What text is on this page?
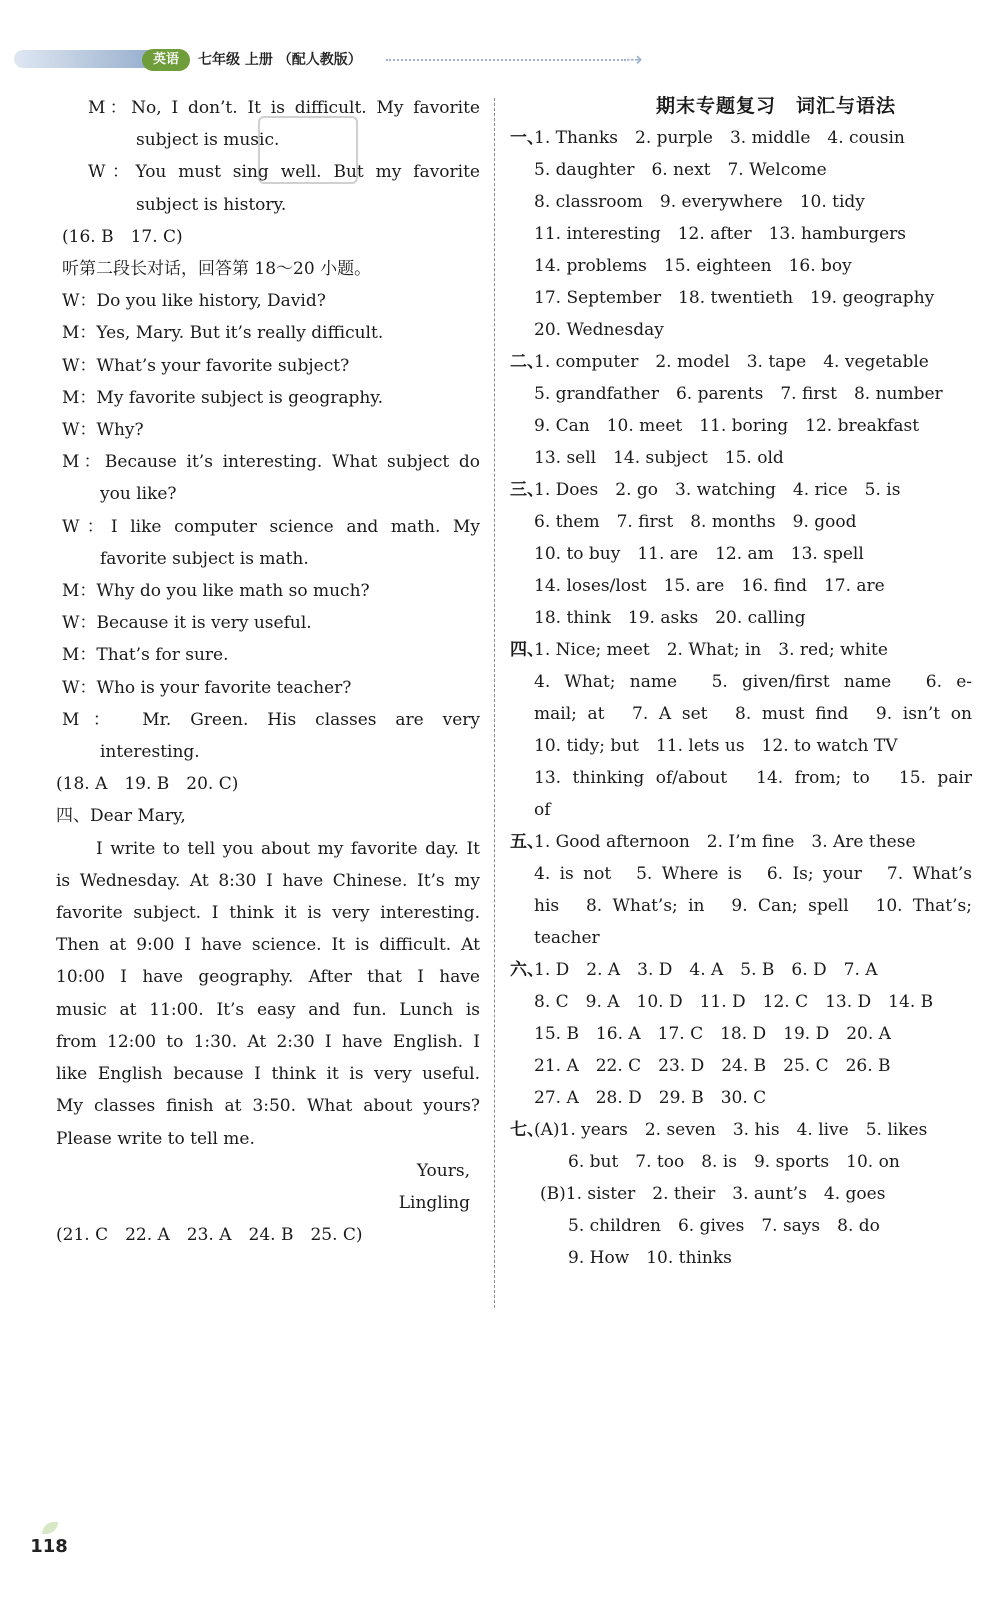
英语	七年级 上册 （配人教版）	⇢
M：No, I don’t. It is difficult. My favorite
subject is music.
W：You must sing well. But my favorite
subject is history.
(16. B　17. C)
听第二段长对话，回答第 18～20 小题。
W：Do you like history, David?
M：Yes, Mary. But it’s really difficult.
W：What’s your favorite subject?
M：My favorite subject is geography.
W：Why?
M：Because it’s interesting. What subject do
you like?
W：I like computer science and math. My
favorite subject is math.
M：Why do you like math so much?
W：Because it is very useful.
M：That’s for sure.
W：Who is your favorite teacher?
M： Mr. Green. His classes are very
interesting.
(18. A　19. B　20. C)
四、Dear Mary,
I write to tell you about my favorite day. It
is Wednesday. At 8:30 I have Chinese. It’s my
favorite subject. I think it is very interesting.
Then at 9:00 I have science. It is difficult. At
10:00 I have geography. After that I have
music at 11:00. It’s easy and fun. Lunch is
from 12:00 to 1:30. At 2:30 I have English. I
like English because I think it is very useful.
My classes finish at 3:50. What about yours?
Please write to tell me.
Yours,
Lingling
(21. C　22. A　23. A　24. B　25. C)
期末专题复习　词汇与语法
一、
1. Thanks　2. purple　3. middle　4. cousin
5. daughter　6. next　7. Welcome
8. classroom　9. everywhere　10. tidy
11. interesting　12. after　13. hamburgers
14. problems　15. eighteen　16. boy
17. September　18. twentieth　19. geography
20. Wednesday
二、
1. computer　2. model　3. tape　4. vegetable
5. grandfather　6. parents　7. first　8. number
9. Can　10. meet　11. boring　12. breakfast
13. sell　14. subject　15. old
三、
1. Does　2. go　3. watching　4. rice　5. is
6. them　7. first　8. months　9. good
10. to buy　11. are　12. am　13. spell
14. loses/lost　15. are　16. find　17. are
18. think　19. asks　20. calling
四、
1. Nice; meet　2. What; in　3. red; white
4. What; name　5. given/first name　6. e-
mail; at　7. A set　8. must find　9. isn’t on
10. tidy; but　11. lets us　12. to watch TV
13. thinking of/about　14. from; to　15. pair
of
五、
1. Good afternoon　2. I’m fine　3. Are these
4. is not　5. Where is　6. Is; your　7. What’s
his　8. What’s; in　9. Can; spell　10. That’s;
teacher
六、
1. D　2. A　3. D　4. A　5. B　6. D　7. A
8. C　9. A　10. D　11. D　12. C　13. D　14. B
15. B　16. A　17. C　18. D　19. D　20. A
21. A　22. C　23. D　24. B　25. C　26. B
27. A　28. D　29. B　30. C
七、
(A)1. years　2. seven　3. his　4. live　5. likes
6. but　7. too　8. is　9. sports　10. on
(B)1. sister　2. their　3. aunt’s　4. goes
5. children　6. gives　7. says　8. do
9. How　10. thinks
118
